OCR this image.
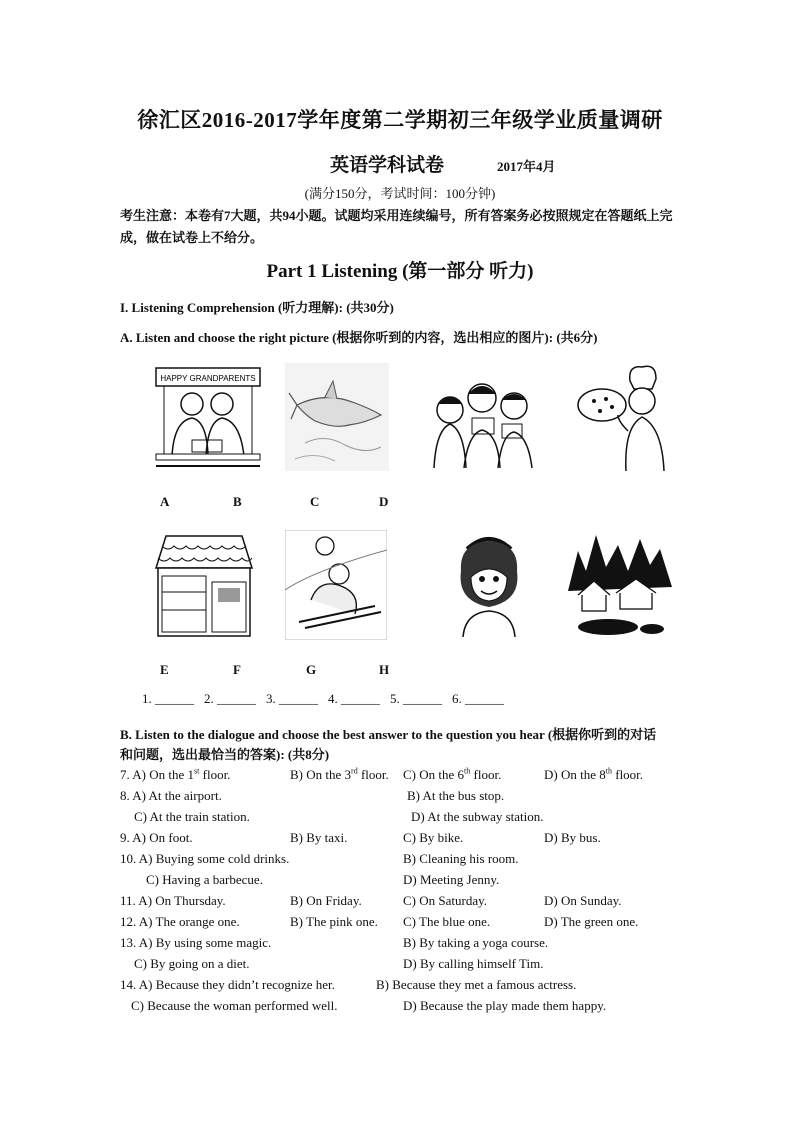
徐汇区2016-2017学年度第二学期初三年级学业质量调研
英语学科试卷	2017年4月
(满分150分，考试时间：100分钟)
考生注意：本卷有7大题，共94小题。试题均采用连续编号，所有答案务必按照规定在答题纸上完成，做在试卷上不给分。
Part 1 Listening (第一部分 听力)
I. Listening Comprehension (听力理解): (共30分)
A. Listen and choose the right picture (根据你听到的内容，选出相应的图片): (共6分)
HAPPY GRANDPARENTS
A	B	C	D
E	F	G	H
1. ______ 2. ______ 3. ______ 4. ______ 5. ______ 6. ______
B. Listen to the dialogue and choose the best answer to the question you hear (根据你听到的对话
和问题，选出最恰当的答案): (共8分)
7. A) On the 1st floor.	B) On the 3rd floor. C) On the 6th floor.	D) On the 8th floor.
8. A) At the airport.	B) At the bus stop.
C) At the train station.	D) At the subway station.
9. A) On foot.	B) By taxi.	C) By bike.	D) By bus.
10. A) Buying some cold drinks.	B) Cleaning his room.
C) Having a barbecue.	D) Meeting Jenny.
11. A) On Thursday.	B) On Friday.	C) On Saturday.	D) On Sunday.
12. A) The orange one.	B) The pink one. C) The blue one.	D) The green one.
13. A) By using some magic.	B) By taking a yoga course.
C) By going on a diet.	D) By calling himself Tim.
14. A) Because they didn’t recognize her.	B) Because they met a famous actress.
C) Because the woman performed well.	D) Because the play made them happy.
